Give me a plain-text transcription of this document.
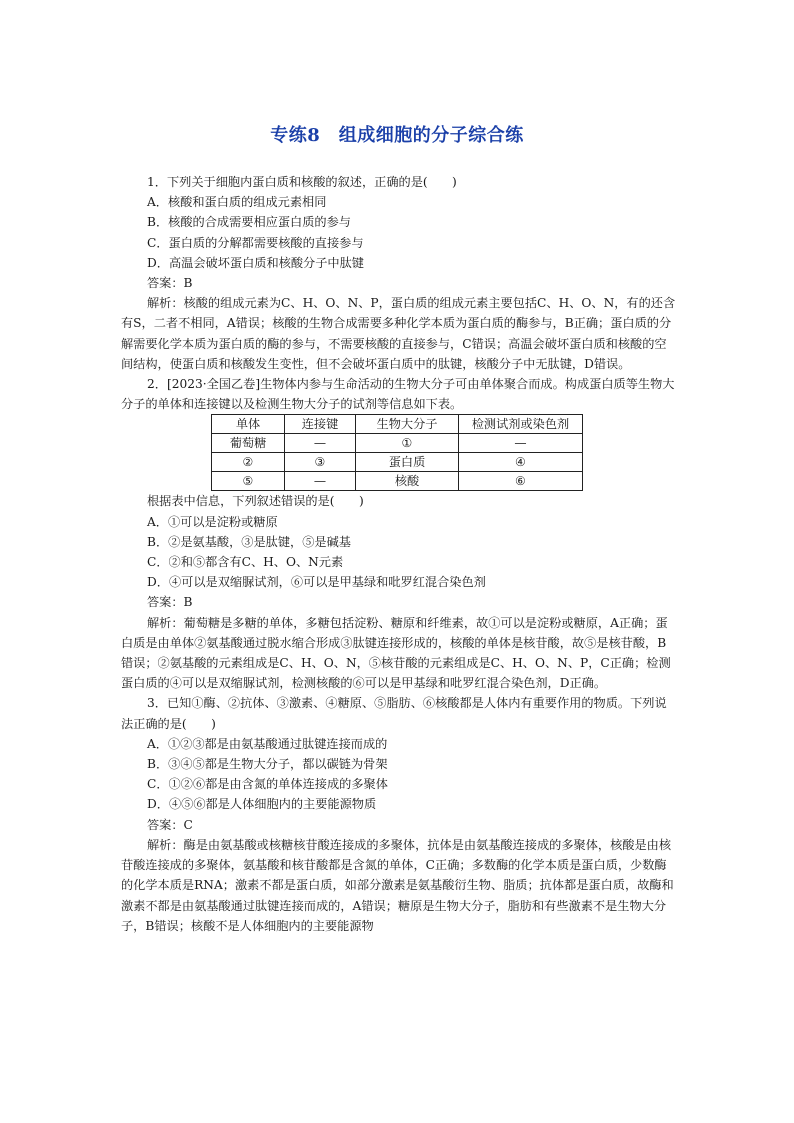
专练8　组成细胞的分子综合练

1．下列关于细胞内蛋白质和核酸的叙述，正确的是(　　)

A．核酸和蛋白质的组成元素相同

B．核酸的合成需要相应蛋白质的参与

C．蛋白质的分解都需要核酸的直接参与

D．高温会破坏蛋白质和核酸分子中肽键

答案：B

解析：核酸的组成元素为C、H、O、N、P，蛋白质的组成元素主要包括C、H、O、N，有的还含有S，二者不相同，A错误；核酸的生物合成需要多种化学本质为蛋白质的酶参与，B正确；蛋白质的分解需要化学本质为蛋白质的酶的参与，不需要核酸的直接参与，C错误；高温会破坏蛋白质和核酸的空间结构，使蛋白质和核酸发生变性，但不会破坏蛋白质中的肽键，核酸分子中无肽键，D错误。

2．[2023·全国乙卷]生物体内参与生命活动的生物大分子可由单体聚合而成。构成蛋白质等生物大分子的单体和连接键以及检测生物大分子的试剂等信息如下表。

单体	连接键	生物大分子	检测试剂或染色剂
葡萄糖	—	①	—
②	③	蛋白质	④
⑤	—	核酸	⑥

根据表中信息，下列叙述错误的是(　　)

A．①可以是淀粉或糖原

B．②是氨基酸，③是肽键，⑤是碱基

C．②和⑤都含有C、H、O、N元素

D．④可以是双缩脲试剂，⑥可以是甲基绿和吡罗红混合染色剂

答案：B

解析：葡萄糖是多糖的单体，多糖包括淀粉、糖原和纤维素，故①可以是淀粉或糖原，A正确；蛋白质是由单体②氨基酸通过脱水缩合形成③肽键连接形成的，核酸的单体是核苷酸，故⑤是核苷酸，B错误；②氨基酸的元素组成是C、H、O、N，⑤核苷酸的元素组成是C、H、O、N、P，C正确；检测蛋白质的④可以是双缩脲试剂，检测核酸的⑥可以是甲基绿和吡罗红混合染色剂，D正确。

3．已知①酶、②抗体、③激素、④糖原、⑤脂肪、⑥核酸都是人体内有重要作用的物质。下列说法正确的是(　　)

A．①②③都是由氨基酸通过肽键连接而成的

B．③④⑤都是生物大分子，都以碳链为骨架

C．①②⑥都是由含氮的单体连接成的多聚体

D．④⑤⑥都是人体细胞内的主要能源物质

答案：C

解析：酶是由氨基酸或核糖核苷酸连接成的多聚体，抗体是由氨基酸连接成的多聚体，核酸是由核苷酸连接成的多聚体，氨基酸和核苷酸都是含氮的单体，C正确；多数酶的化学本质是蛋白质，少数酶的化学本质是RNA；激素不都是蛋白质，如部分激素是氨基酸衍生物、脂质；抗体都是蛋白质，故酶和激素不都是由氨基酸通过肽键连接而成的，A错误；糖原是生物大分子，脂肪和有些激素不是生物大分子，B错误；核酸不是人体细胞内的主要能源物
